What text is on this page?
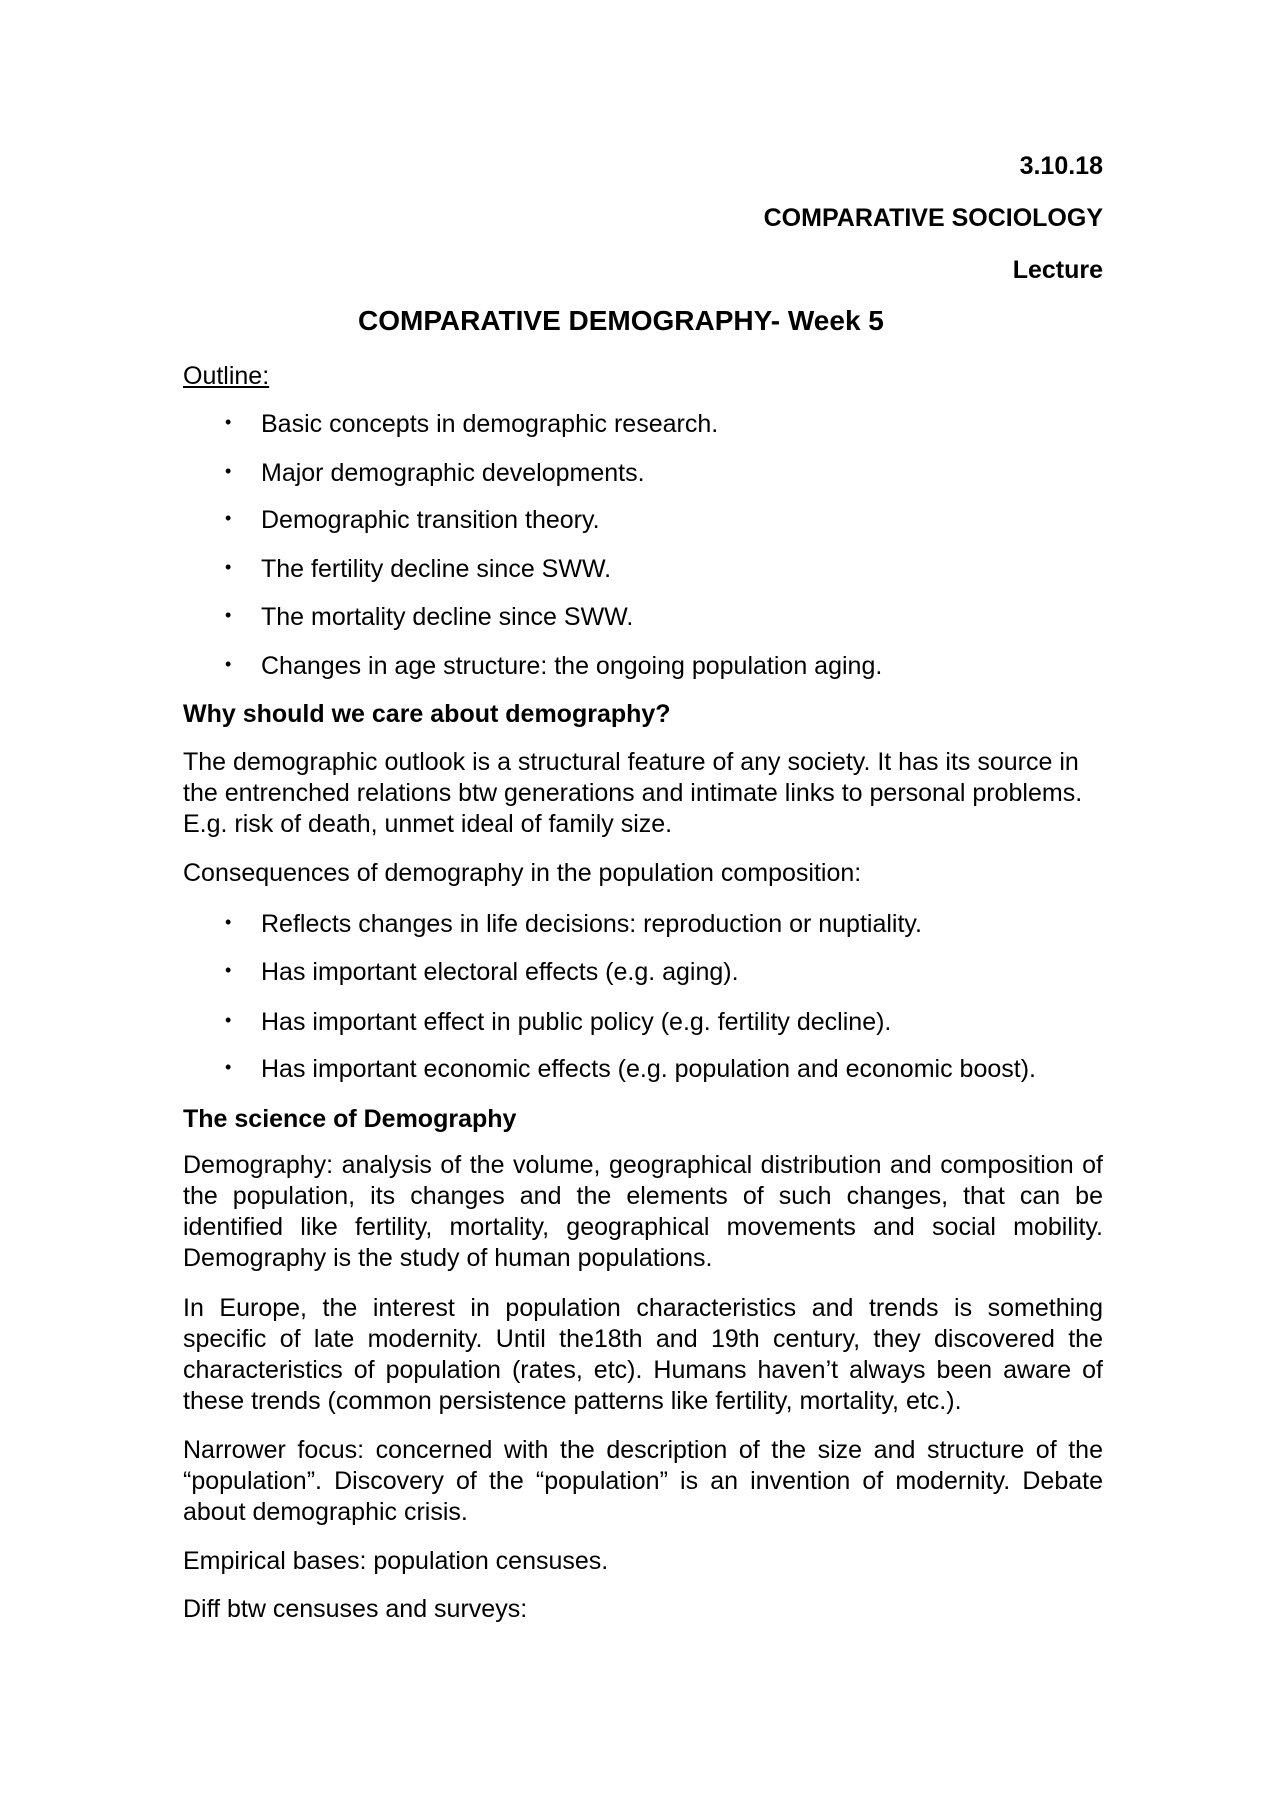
3.10.18
COMPARATIVE SOCIOLOGY
Lecture
COMPARATIVE DEMOGRAPHY- Week 5
Outline:
• Basic concepts in demographic research.
• Major demographic developments.
• Demographic transition theory.
• The fertility decline since SWW.
• The mortality decline since SWW.
• Changes in age structure: the ongoing population aging.
Why should we care about demography?
The demographic outlook is a structural feature of any society. It has its source in the entrenched relations btw generations and intimate links to personal problems. E.g. risk of death, unmet ideal of family size.
Consequences of demography in the population composition:
• Reflects changes in life decisions: reproduction or nuptiality.
• Has important electoral effects (e.g. aging).
• Has important effect in public policy (e.g. fertility decline).
• Has important economic effects (e.g. population and economic boost).
The science of Demography
Demography: analysis of the volume, geographical distribution and composition of the population, its changes and the elements of such changes, that can be identified like fertility, mortality, geographical movements and social mobility. Demography is the study of human populations.
In Europe, the interest in population characteristics and trends is something specific of late modernity. Until the18th and 19th century, they discovered the characteristics of population (rates, etc). Humans haven’t always been aware of these trends (common persistence patterns like fertility, mortality, etc.).
Narrower focus: concerned with the description of the size and structure of the “population”. Discovery of the “population” is an invention of modernity. Debate about demographic crisis.
Empirical bases: population censuses.
Diff btw censuses and surveys:
